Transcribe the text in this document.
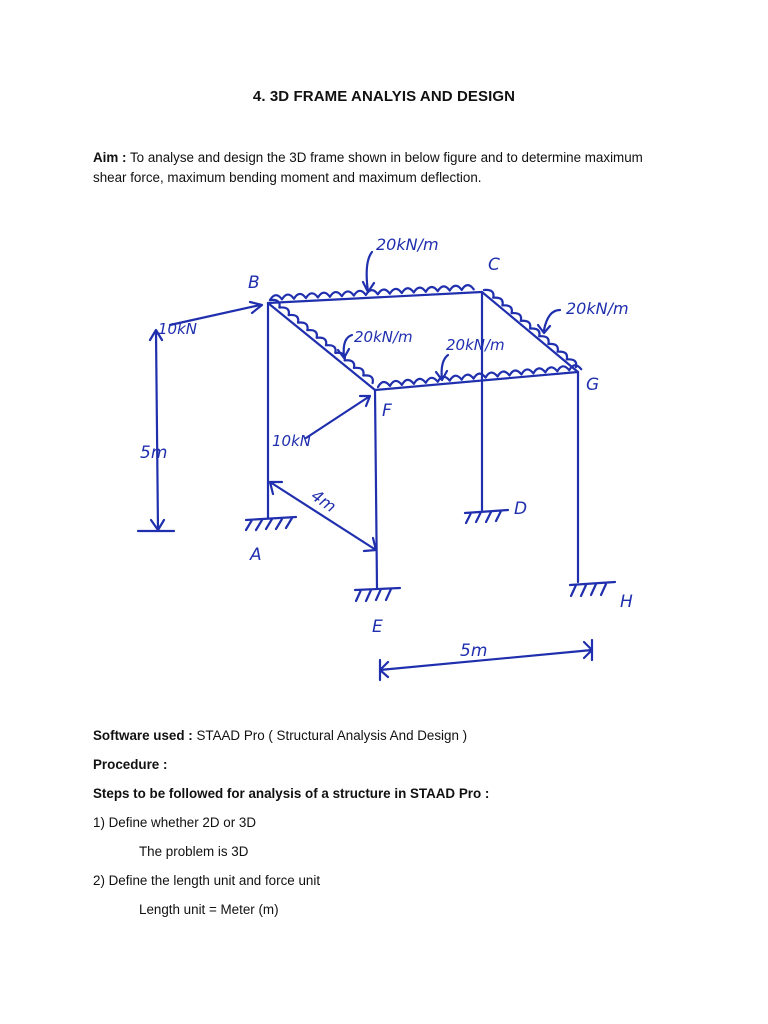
4. 3D FRAME ANALYIS AND DESIGN
Aim : To analyse and design the 3D frame shown in below figure and to determine maximum shear force, maximum bending moment and maximum deflection.
B
C
F
G
A
E
D
H
20kN/m
20kN/m
20kN/m 20kN/m
10kN
10kN
5m
4m
5m
Software used : STAAD Pro ( Structural Analysis And Design )
Procedure :
Steps to be followed for analysis of a structure in STAAD Pro :
1) Define whether 2D or 3D
The problem is 3D
2) Define the length unit and force unit
Length unit = Meter (m)
